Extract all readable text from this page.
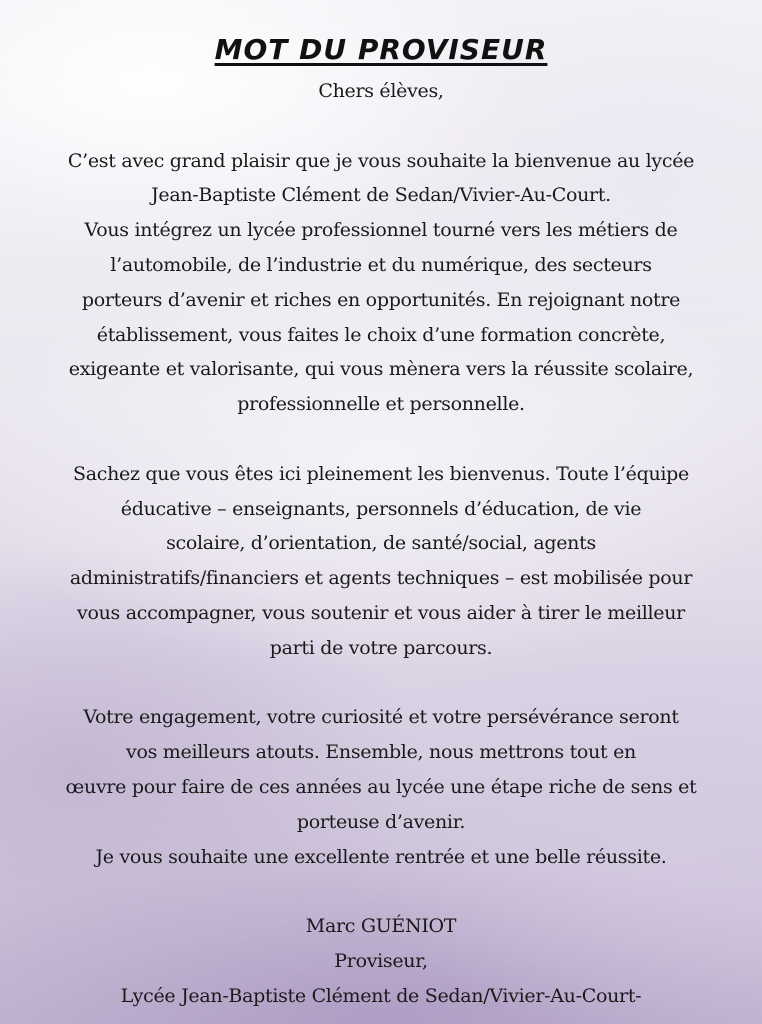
MOT DU PROVISEUR

Chers élèves,

C’est avec grand plaisir que je vous souhaite la bienvenue au lycée
Jean-Baptiste Clément de Sedan/Vivier-Au-Court.
Vous intégrez un lycée professionnel tourné vers les métiers de
l’automobile, de l’industrie et du numérique, des secteurs
porteurs d’avenir et riches en opportunités. En rejoignant notre
établissement, vous faites le choix d’une formation concrète,
exigeante et valorisante, qui vous mènera vers la réussite scolaire,
professionnelle et personnelle.

Sachez que vous êtes ici pleinement les bienvenus. Toute l’équipe
éducative – enseignants, personnels d’éducation, de vie
scolaire, d’orientation, de santé/social, agents
administratifs/financiers et agents techniques – est mobilisée pour
vous accompagner, vous soutenir et vous aider à tirer le meilleur
parti de votre parcours.

Votre engagement, votre curiosité et votre persévérance seront
vos meilleurs atouts. Ensemble, nous mettrons tout en
œuvre pour faire de ces années au lycée une étape riche de sens et
porteuse d’avenir.
Je vous souhaite une excellente rentrée et une belle réussite.

Marc GUÉNIOT
Proviseur,
Lycée Jean-Baptiste Clément de Sedan/Vivier-Au-Court-
